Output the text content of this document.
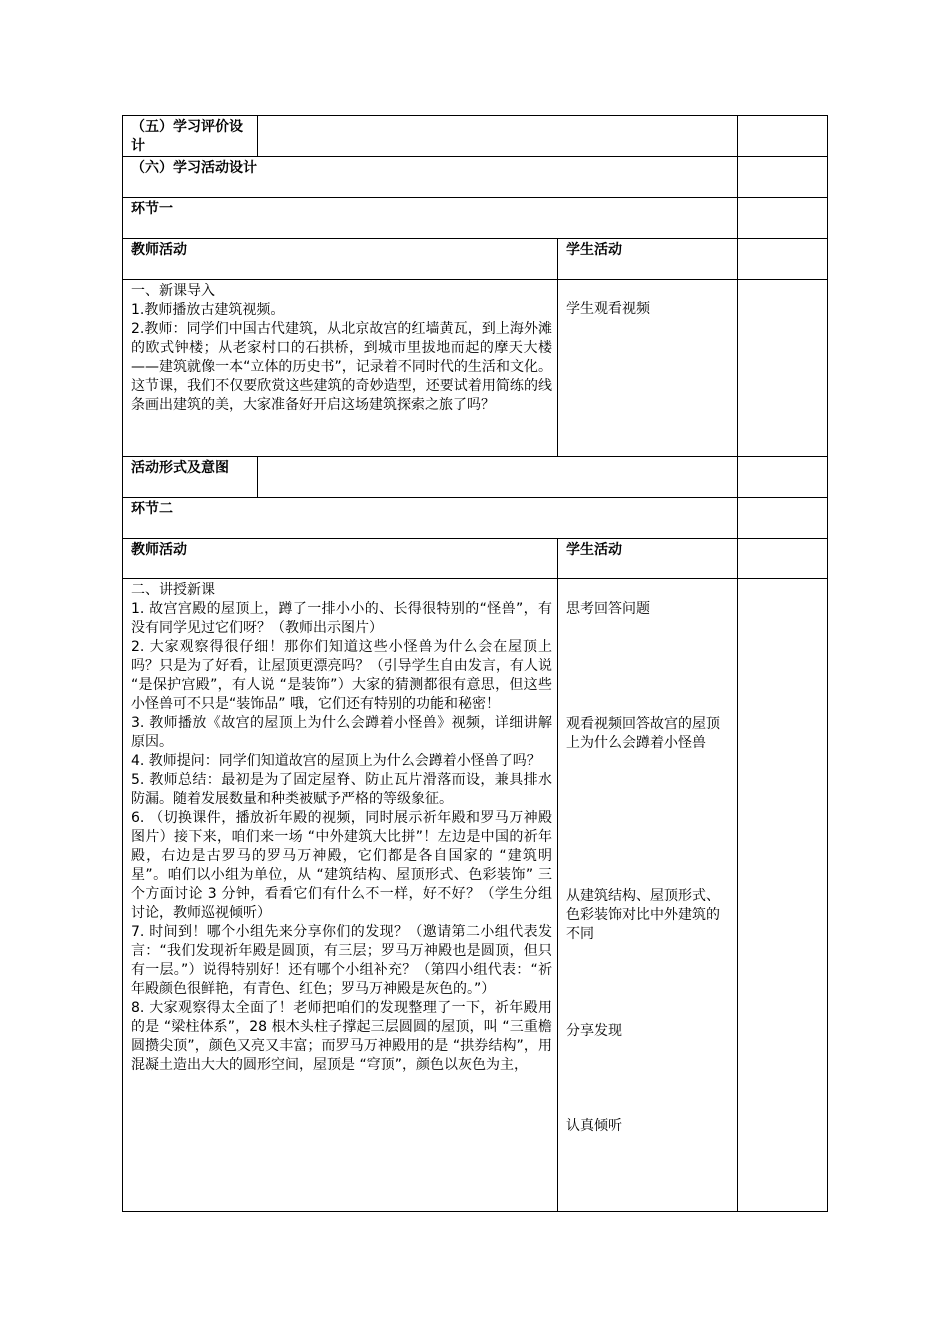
（五）学习评价设计
（六）学习活动设计
环节一
教师活动	学生活动

一、新课导入

1.教师播放古建筑视频。

2.教师：同学们中国古代建筑，从北京故宫的红墙黄瓦，到上海外滩的欧式钟楼；从老家村口的石拱桥，到城市里拔地而起的摩天大楼——建筑就像一本“立体的历史书”，记录着不同时代的生活和文化。这节课，我们不仅要欣赏这些建筑的奇妙造型，还要试着用简练的线条画出建筑的美，大家准备好开启这场建筑探索之旅了吗？

学生观看视频
活动形式及意图
环节二
教师活动	学生活动

二、讲授新课

1. 故宫宫殿的屋顶上，蹲了一排小小的、长得很特别的“怪兽”，有没有同学见过它们呀？（教师出示图片）

2. 大家观察得很仔细！那你们知道这些小怪兽为什么会在屋顶上吗？只是为了好看，让屋顶更漂亮吗？（引导学生自由发言，有人说 “是保护宫殿”，有人说 “是装饰”）大家的猜测都很有意思，但这些小怪兽可不只是“装饰品” 哦，它们还有特别的功能和秘密！

3. 教师播放《故宫的屋顶上为什么会蹲着小怪兽》视频，详细讲解原因。

4. 教师提问：同学们知道故宫的屋顶上为什么会蹲着小怪兽了吗？

5. 教师总结：最初是为了固定屋脊、防止瓦片滑落而设，兼具排水防漏。随着发展数量和种类被赋予严格的等级象征。

6. （切换课件，播放祈年殿的视频，同时展示祈年殿和罗马万神殿图片）接下来，咱们来一场 “中外建筑大比拼”！左边是中国的祈年殿，右边是古罗马的罗马万神殿，它们都是各自国家的 “建筑明星”。咱们以小组为单位，从 “建筑结构、屋顶形式、色彩装饰” 三个方面讨论 3 分钟，看看它们有什么不一样，好不好？（学生分组讨论，教师巡视倾听）

7. 时间到！哪个小组先来分享你们的发现？（邀请第二小组代表发言：“我们发现祈年殿是圆顶，有三层；罗马万神殿也是圆顶，但只有一层。”）说得特别好！还有哪个小组补充？（第四小组代表：“祈年殿颜色很鲜艳，有青色、红色；罗马万神殿是灰色的。”）

8. 大家观察得太全面了！老师把咱们的发现整理了一下，祈年殿用的是 “梁柱体系”，28 根木头柱子撑起三层圆圆的屋顶，叫 “三重檐圆攒尖顶”，颜色又亮又丰富；而罗马万神殿用的是 “拱券结构”，用混凝土造出大大的圆形空间，屋顶是 “穹顶”，颜色以灰色为主，

思考回答问题
观看视频回答故宫的屋顶上为什么会蹲着小怪兽
从建筑结构、屋顶形式、色彩装饰对比中外建筑的不同
分享发现
认真倾听
